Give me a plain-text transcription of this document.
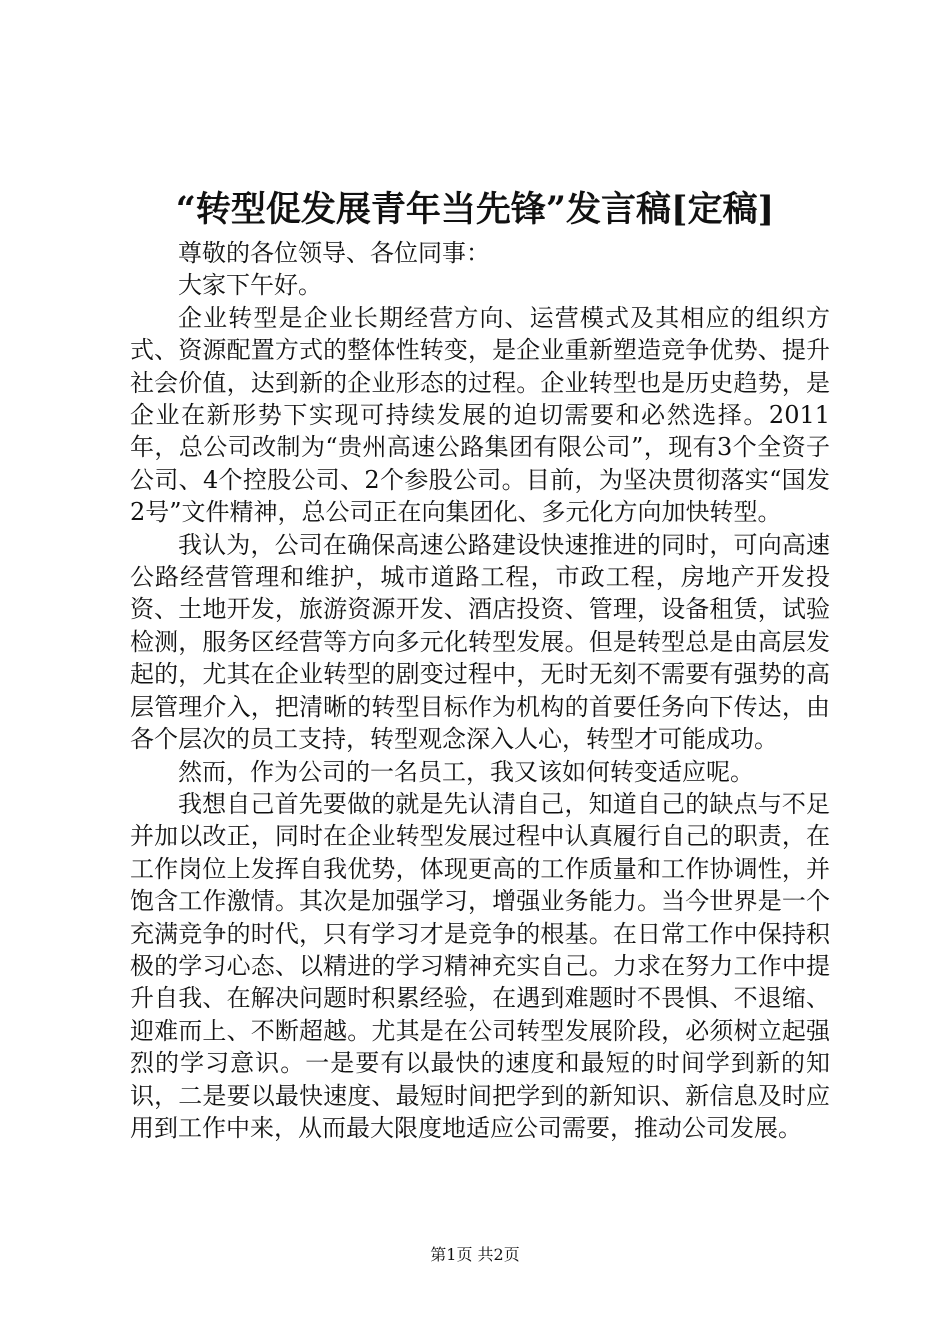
“转型促发展青年当先锋”发言稿[定稿]

尊敬的各位领导、各位同事：

大家下午好。

企业转型是企业长期经营方向、运营模式及其相应的组织方式、资源配置方式的整体性转变，是企业重新塑造竞争优势、提升社会价值，达到新的企业形态的过程。企业转型也是历史趋势，是企业在新形势下实现可持续发展的迫切需要和必然选择。2011年，总公司改制为“贵州高速公路集团有限公司”，现有3个全资子公司、4个控股公司、2个参股公司。目前，为坚决贯彻落实“国发2号”文件精神，总公司正在向集团化、多元化方向加快转型。

我认为，公司在确保高速公路建设快速推进的同时，可向高速公路经营管理和维护，城市道路工程，市政工程，房地产开发投资、土地开发，旅游资源开发、酒店投资、管理，设备租赁，试验检测，服务区经营等方向多元化转型发展。但是转型总是由高层发起的，尤其在企业转型的剧变过程中，无时无刻不需要有强势的高层管理介入，把清晰的转型目标作为机构的首要任务向下传达，由各个层次的员工支持，转型观念深入人心，转型才可能成功。

然而，作为公司的一名员工，我又该如何转变适应呢。

我想自己首先要做的就是先认清自己，知道自己的缺点与不足并加以改正，同时在企业转型发展过程中认真履行自己的职责，在工作岗位上发挥自我优势，体现更高的工作质量和工作协调性，并饱含工作激情。其次是加强学习，增强业务能力。当今世界是一个充满竞争的时代，只有学习才是竞争的根基。在日常工作中保持积极的学习心态、以精进的学习精神充实自己。力求在努力工作中提升自我、在解决问题时积累经验，在遇到难题时不畏惧、不退缩、迎难而上、不断超越。尤其是在公司转型发展阶段，必须树立起强烈的学习意识。一是要有以最快的速度和最短的时间学到新的知识，二是要以最快速度、最短时间把学到的新知识、新信息及时应用到工作中来，从而最大限度地适应公司需要，推动公司发展。

第1页 共2页
